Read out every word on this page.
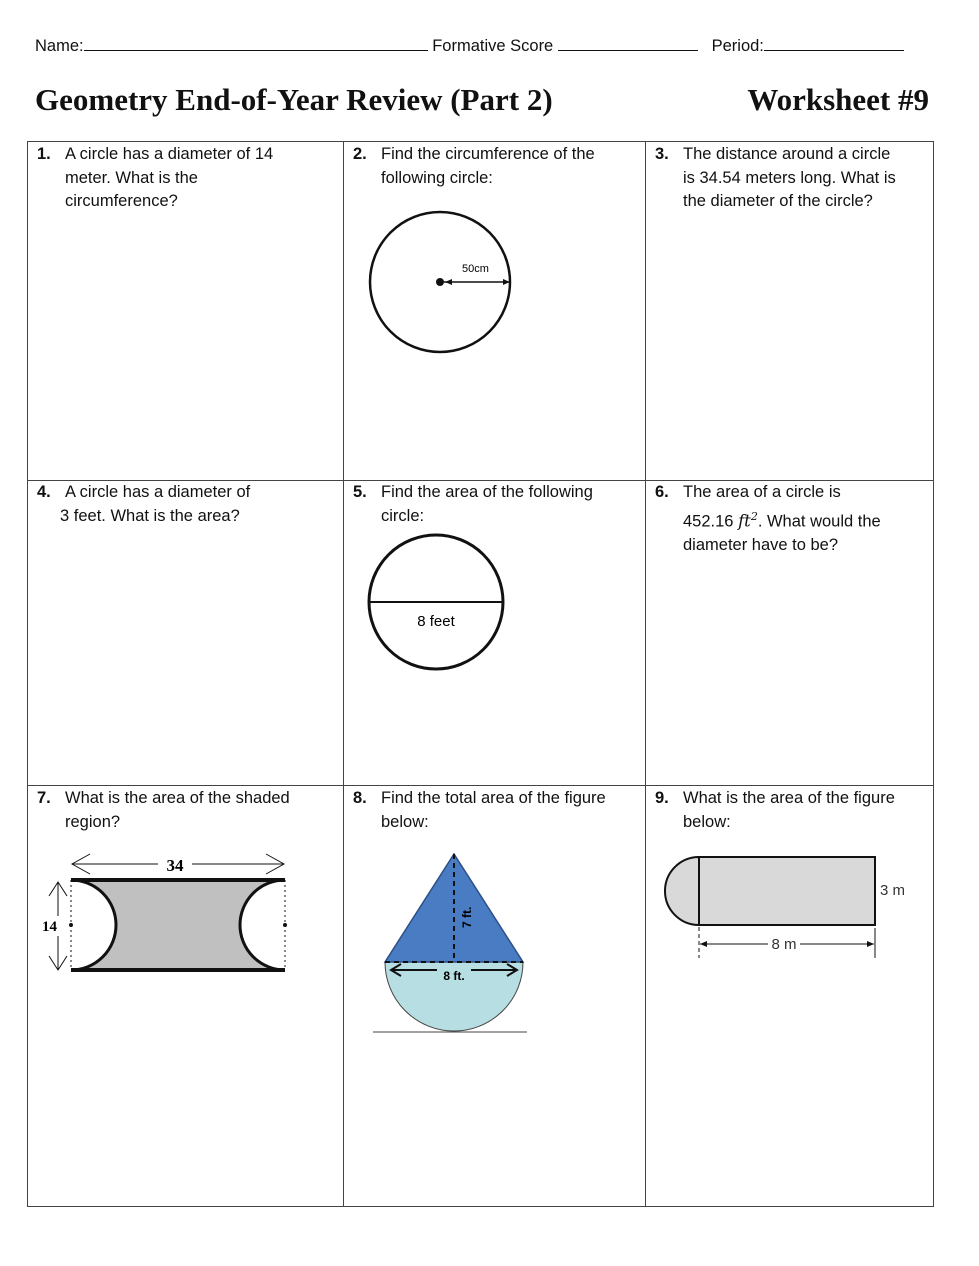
Name:	Formative Score	Period:
Geometry End-of-Year Review (Part 2)	Worksheet #9
1. A circle has a diameter of 14
meter. What is the
circumference?
2. Find the circumference of the
following circle:
50cm
3. The distance around a circle
is 34.54 meters long. What is
the diameter of the circle?
4. A circle has a diameter of
3 feet. What is the area?
5. Find the area of the following
circle:
8 feet
6. The area of a circle is
452.16 $ft^2$. What would the
diameter have to be?
7. What is the area of the shaded
region?
34
14
8. Find the total area of the figure
below:
8 ft.
7 ft.
9. What is the area of the figure
below:
8 m
3 m
